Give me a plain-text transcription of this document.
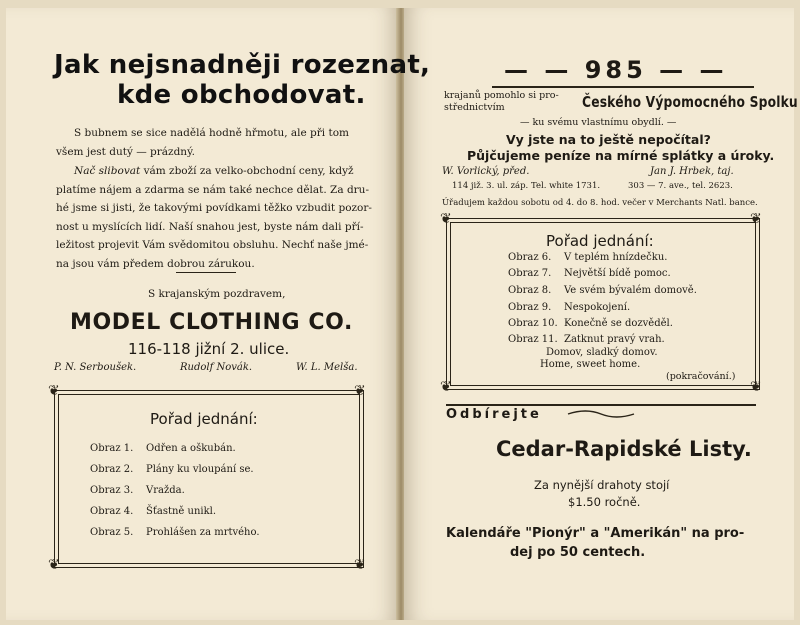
Jak nejsnadněji rozeznat,
kde obchodovat.
S bubnem se sice nadělá hodně hřmotu, ale při tom
všem jest dutý — prázdný.
Nač slibovat vám zboží za velko-obchodní ceny, když
platíme nájem a zdarma se nám také nechce dělat. Za dru-
hé jsme si jisti, že takovými povídkami těžko vzbudit pozor-
nost u myslících lidí. Naší snahou jest, byste nám dali pří-
ležitost projevit Vám svědomitou obsluhu. Nechť naše jmé-
na jsou vám předem dobrou zárukou.
S krajanským pozdravem,
MODEL CLOTHING CO.
116-118 jižní 2. ulice.
P. N. Serboušek.	Rudolf Novák.	W. L. Melša.
❦	❦
❦	❦
Pořad jednání:
Obraz 1. Odřen a oškubán.
Obraz 2. Plány ku vloupání se.
Obraz 3. Vražda.
Obraz 4. Šťastně unikl.
Obraz 5. Prohlášen za mrtvého.
— — 985 — —
krajanů pomohlo si pro-
střednictvím	Českého Výpomocného Spolku
— ku svému vlastnímu obydlí. —
Vy jste na to ještě nepočítal?
Půjčujeme peníze na mírné splátky a úroky.
W. Vorlický, před.	Jan J. Hrbek, taj.
114 již. 3. ul. záp. Tel. white 1731.	303 — 7. ave., tel. 2623.
Úřadujem každou sobotu od 4. do 8. hod. večer v Merchants Natl. bance.
❦	❦
❦	❦
Pořad jednání:
Obraz 6. V teplém hnízdečku.
Obraz 7. Největší bídě pomoc.
Obraz 8. Ve svém bývalém domově.
Obraz 9. Nespokojení.
Obraz 10. Konečně se dozvěděl.
Obraz 11. Zatknut pravý vrah.
Domov, sladký domov.
Home, sweet home.
(pokračování.)
Odbírejte
Cedar-Rapidské Listy.
Za nynější drahoty stojí
$1.50 ročně.
Kalendáře "Pionýr" a "Amerikán" na pro-
dej po 50 centech.
